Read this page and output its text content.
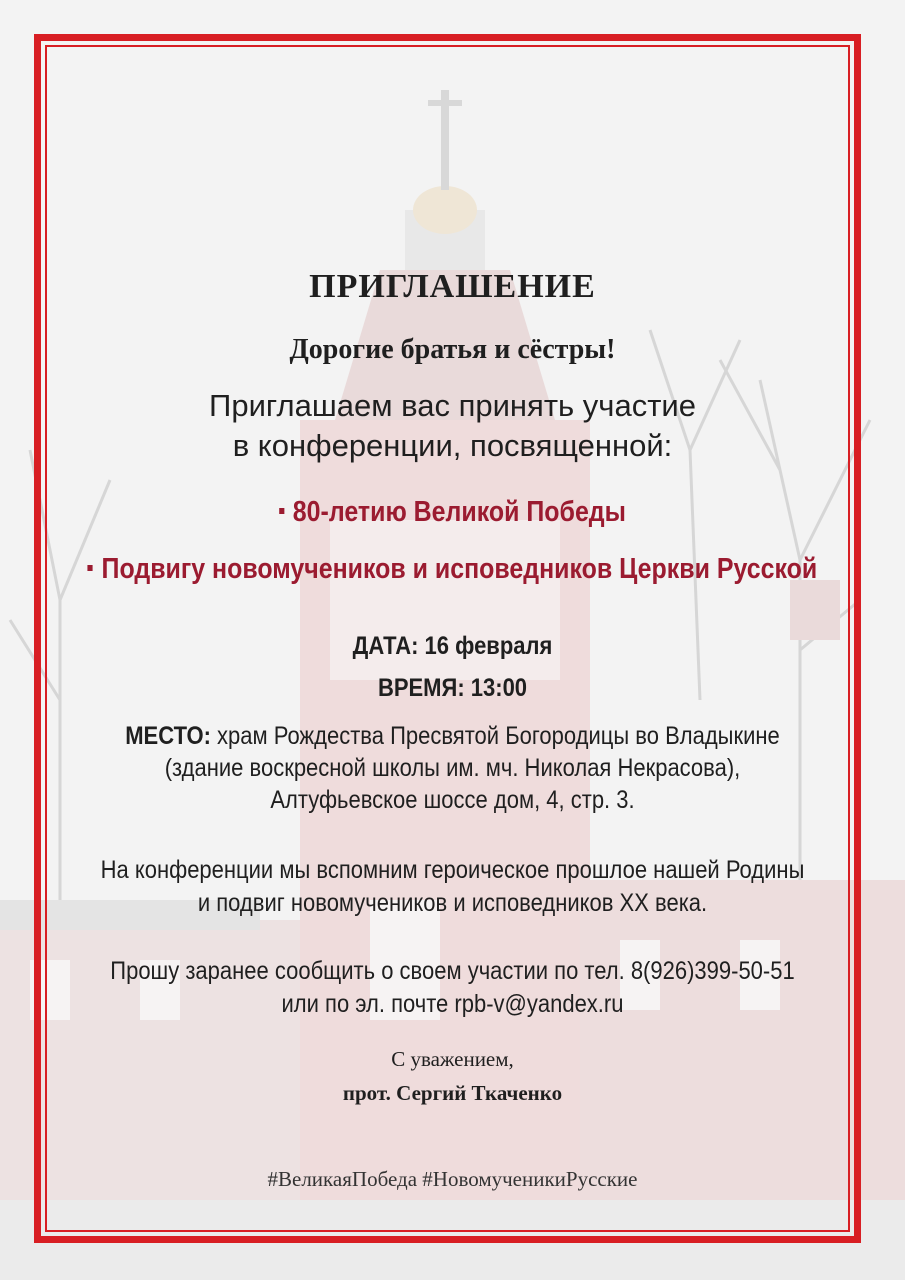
ПРИГЛАШЕНИЕ
Дорогие братья и сёстры!
Приглашаем вас принять участие
в конференции, посвященной:
80-летию Великой Победы
Подвигу новомучеников и исповедников Церкви Русской
ДАТА: 16 февраля
ВРЕМЯ: 13:00
МЕСТО: храм Рождества Пресвятой Богородицы во Владыкине
(здание воскресной школы им. мч. Николая Некрасова),
Алтуфьевское шоссе дом, 4, стр. 3.
На конференции мы вспомним героическое прошлое нашей Родины
и подвиг новомучеников и исповедников ХХ века.
Прошу заранее сообщить о своем участии по тел. 8(926)399-50-51
или по эл. почте rpb-v@yandex.ru
С уважением,
прот. Сергий Ткаченко
#ВеликаяПобеда #НовомученикиРусские
